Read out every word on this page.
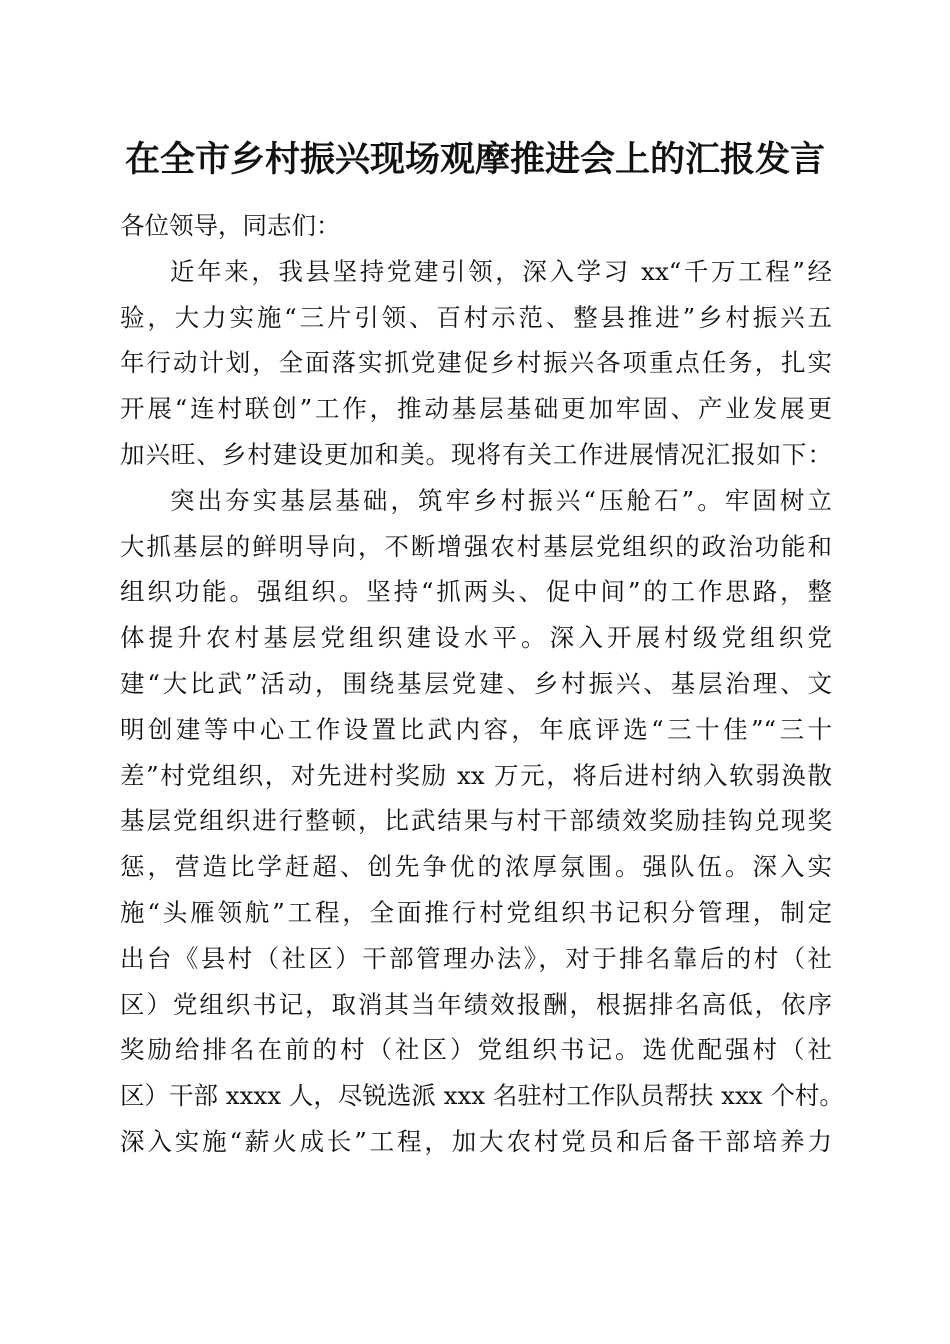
在全市乡村振兴现场观摩推进会上的汇报发言
各位领导，同志们：
近年来，我县坚持党建引领，深入学习 xx“千万工程”经
验，大力实施“三片引领、百村示范、整县推进”乡村振兴五
年行动计划，全面落实抓党建促乡村振兴各项重点任务，扎实
开展“连村联创”工作，推动基层基础更加牢固、产业发展更
加兴旺、乡村建设更加和美。现将有关工作进展情况汇报如下：
突出夯实基层基础，筑牢乡村振兴“压舱石”。牢固树立
大抓基层的鲜明导向，不断增强农村基层党组织的政治功能和
组织功能。强组织。坚持“抓两头、促中间”的工作思路，整
体提升农村基层党组织建设水平。深入开展村级党组织党
建“大比武”活动，围绕基层党建、乡村振兴、基层治理、文
明创建等中心工作设置比武内容，年底评选“三十佳”“三十
差”村党组织，对先进村奖励 xx 万元，将后进村纳入软弱涣散
基层党组织进行整顿，比武结果与村干部绩效奖励挂钩兑现奖
惩，营造比学赶超、创先争优的浓厚氛围。强队伍。深入实
施“头雁领航”工程，全面推行村党组织书记积分管理，制定
出台《县村（社区）干部管理办法》，对于排名靠后的村（社
区）党组织书记，取消其当年绩效报酬，根据排名高低，依序
奖励给排名在前的村（社区）党组织书记。选优配强村（社
区）干部 xxxx 人，尽锐选派 xxx 名驻村工作队员帮扶 xxx 个村。
深入实施“薪火成长”工程，加大农村党员和后备干部培养力
